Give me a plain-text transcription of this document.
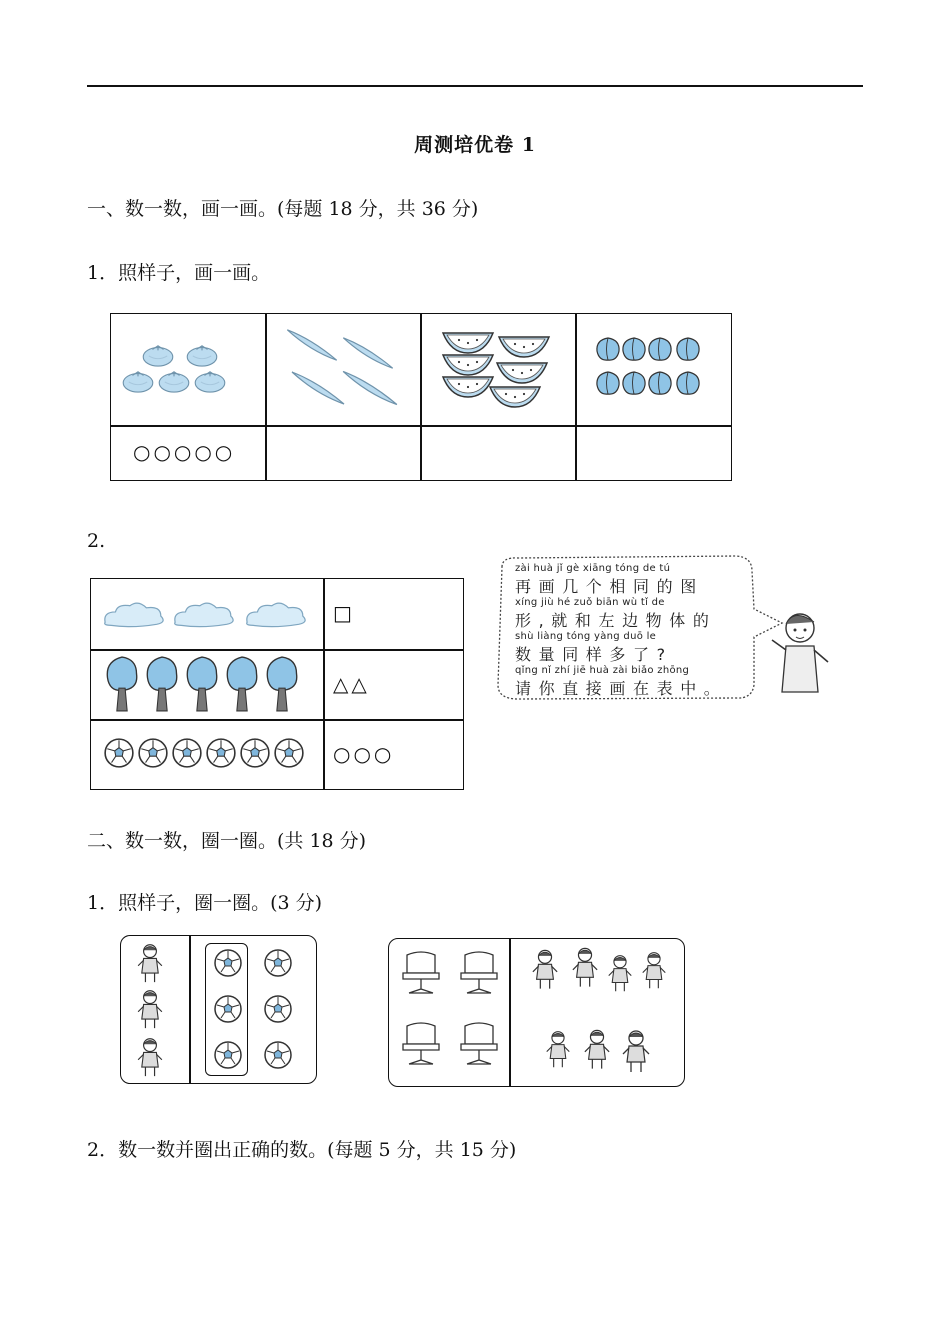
周测培优卷 1
一、数一数，画一画。(每题 18 分，共 36 分)
1．照样子，画一画。
○○○○○
2.
□
△△
○○○
zài huà jǐ gè xiāng tóng de tú
再画几个相同的图
xíng jiù hé zuǒ biān wù tǐ de
形,就和左边物体的
shù liàng tóng yàng duō le
数量同样多了?
qǐng nǐ zhí jiē huà zài biǎo zhōng
请你直接画在表中。
二、数一数，圈一圈。(共 18 分)
1．照样子，圈一圈。(3 分)
2．数一数并圈出正确的数。(每题 5 分，共 15 分)
